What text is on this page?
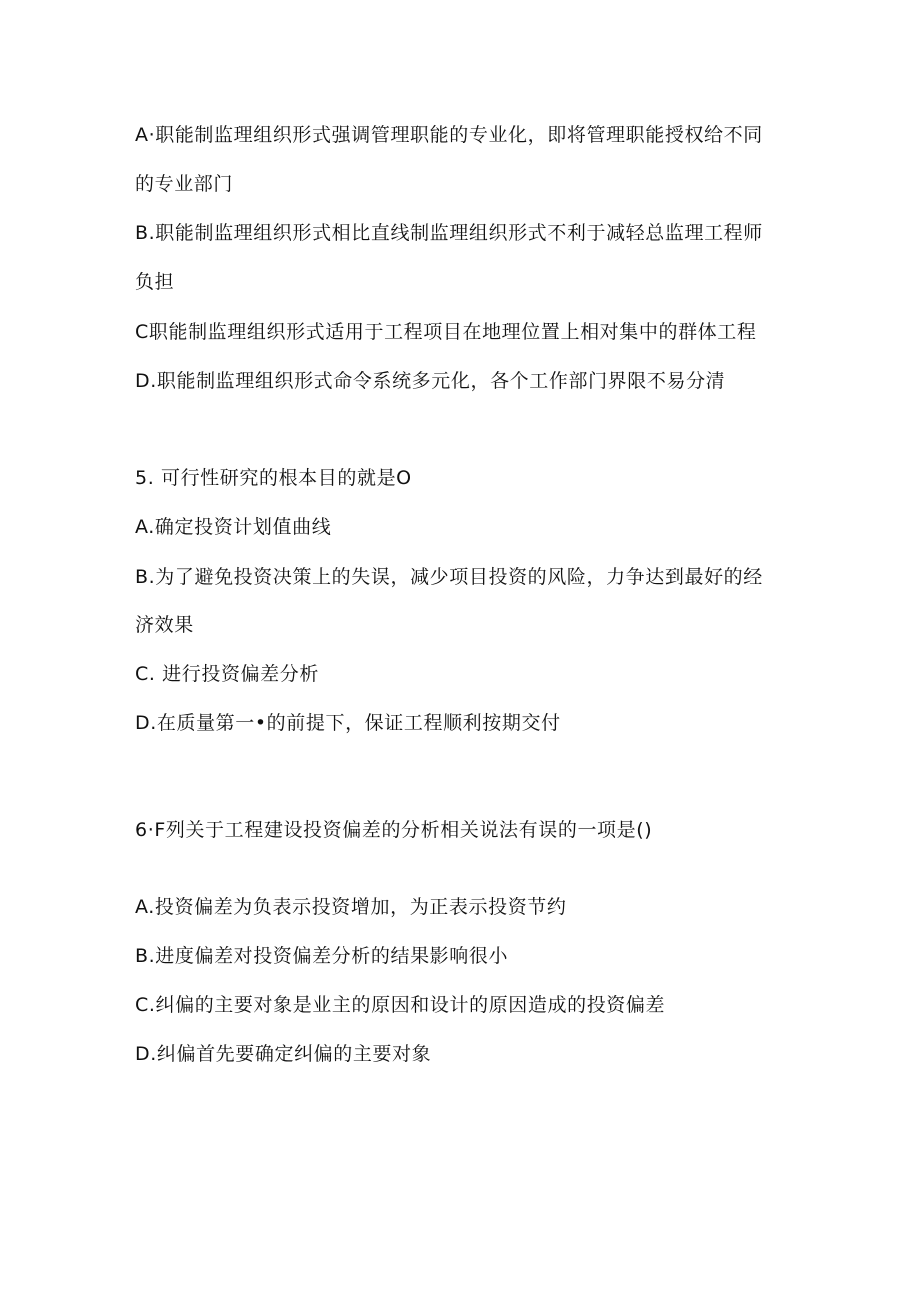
A·职能制监理组织形式强调管理职能的专业化，即将管理职能授权给不同
的专业部门
B.职能制监理组织形式相比直线制监理组织形式不利于减轻总监理工程师
负担
C职能制监理组织形式适用于工程项目在地理位置上相对集中的群体工程
D.职能制监理组织形式命令系统多元化，各个工作部门界限不易分清
5. 可行性研究的根本目的就是O
A.确定投资计划值曲线
B.为了避免投资决策上的失误，减少项目投资的风险，力争达到最好的经
济效果
C. 进行投资偏差分析
D.在质量第一•的前提下，保证工程顺利按期交付
6·F列关于工程建设投资偏差的分析相关说法有误的一项是()
A.投资偏差为负表示投资增加，为正表示投资节约
B.进度偏差对投资偏差分析的结果影响很小
C.纠偏的主要对象是业主的原因和设计的原因造成的投资偏差
D.纠偏首先要确定纠偏的主要对象
